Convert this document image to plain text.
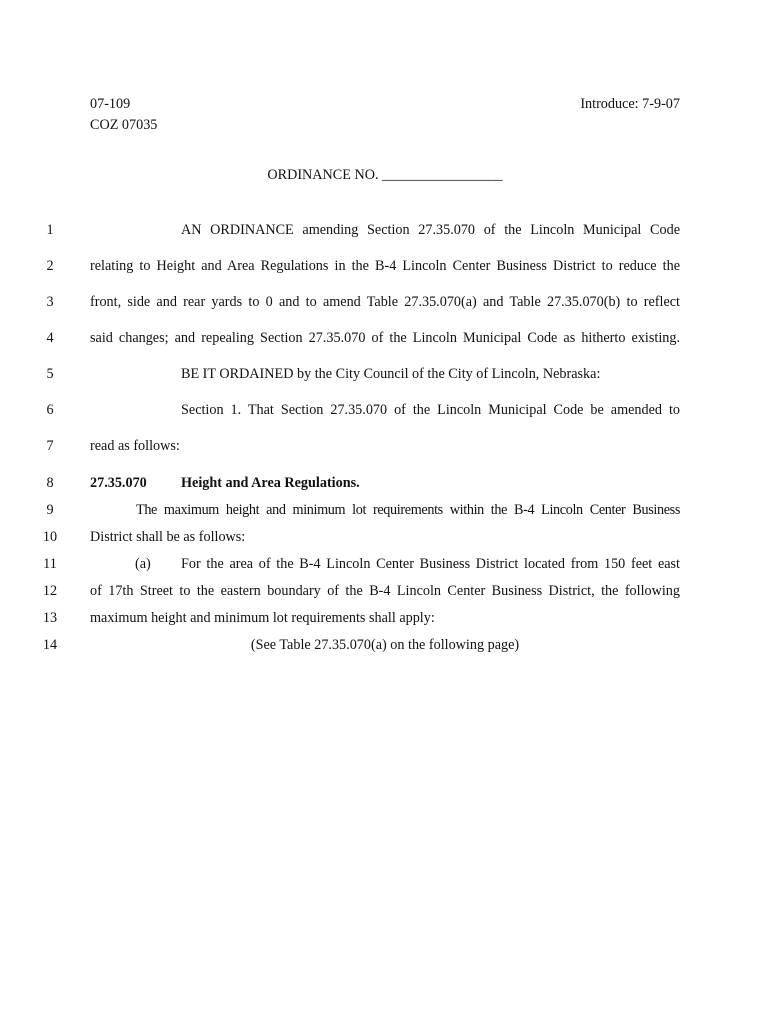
07-109
COZ 07035
Introduce: 7-9-07
ORDINANCE NO. _________________
1	AN ORDINANCE amending Section 27.35.070 of the Lincoln Municipal Code
2	relating to Height and Area Regulations in the B-4 Lincoln Center Business District to reduce the
3	front, side and rear yards to 0 and to amend Table 27.35.070(a) and Table 27.35.070(b) to reflect
4	said changes; and repealing Section 27.35.070 of the Lincoln Municipal Code as hitherto existing.
5	BE IT ORDAINED by the City Council of the City of Lincoln, Nebraska:
6	Section 1. That Section 27.35.070 of the Lincoln Municipal Code be amended to
7	read as follows:
8	27.35.070 Height and Area Regulations.
9	The maximum height and minimum lot requirements within the B-4 Lincoln Center Business
10 District shall be as follows:
11	(a)	For the area of the B-4 Lincoln Center Business District located from 150 feet east
12 of 17th Street to the eastern boundary of the B-4 Lincoln Center Business District, the following
13 maximum height and minimum lot requirements shall apply:
14	(See Table 27.35.070(a) on the following page)
